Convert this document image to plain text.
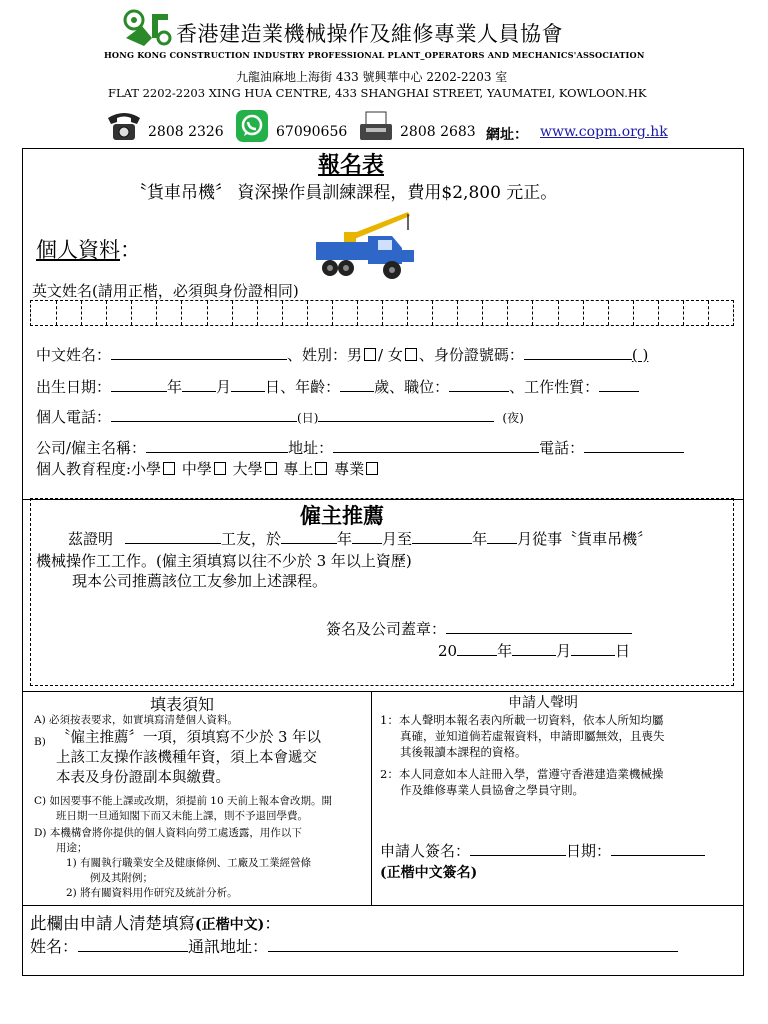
香港建造業機械操作及維修專業人員協會
HONG KONG CONSTRUCTION INDUSTRY PROFESSIONAL PLANT_OPERATORS AND MECHANICS'ASSOCIATION
九龍油麻地上海街 433 號興華中心 2202-2203 室
FLAT 2202-2203 XING HUA CENTRE, 433 SHANGHAI STREET, YAUMATEI, KOWLOON.HK
2808 2326	67090656	2808 2683 網址： www.copm.org.hk
報名表
〝貨車吊機〞 資深操作員訓練課程，費用$2,800 元正。
個人資料：
英文姓名(請用正楷，必須與身份證相同)
中文姓名：	、姓別：男 / 女 、身份證號碼：	( )
出生日期：	年 月 日、年齡： 歲、職位：	、工作性質：
個人電話：	(日)	(夜)
公司/僱主名稱：	地址：	電話：
個人教育程度:小學 中學 大學 專上 專業
僱主推薦
茲證明	工友，於	年 月至	年 月從事〝貨車吊機〞
機械操作工工作。(僱主須填寫以往不少於 3 年以上資歷)
現本公司推薦該位工友參加上述課程。
簽名及公司蓋章：
20	年	月	日
填表須知
A) 必須按表要求，如實填寫清楚個人資料。
B) 〝僱主推薦〞一項，須填寫不少於 3 年以
上該工友操作該機種年資，須上本會遞交
本表及身份證副本與繳費。
C) 如因要事不能上課或改期，須提前 10 天前上報本會改期。開
班日期一旦通知閣下而又未能上課，則不予退回學費。
D) 本機構會將你提供的個人資料向勞工處透露，用作以下
用途；
1) 有關執行職業安全及健康條例、工廠及工業經營條
例及其附例；
2) 將有關資料用作研究及統計分析。
申請人聲明
1：本人聲明本報名表內所載一切資料，依本人所知均屬
真確，並知道倘若虛報資料，申請即屬無效，且喪失
其後報讀本課程的資格。
2：本人同意如本人註冊入學，當遵守香港建造業機械操
作及維修專業人員協會之學員守則。
申請人簽名：	日期：
(正楷中文簽名)
此欄由申請人清楚填寫(正楷中文)：
姓名：	通訊地址：
